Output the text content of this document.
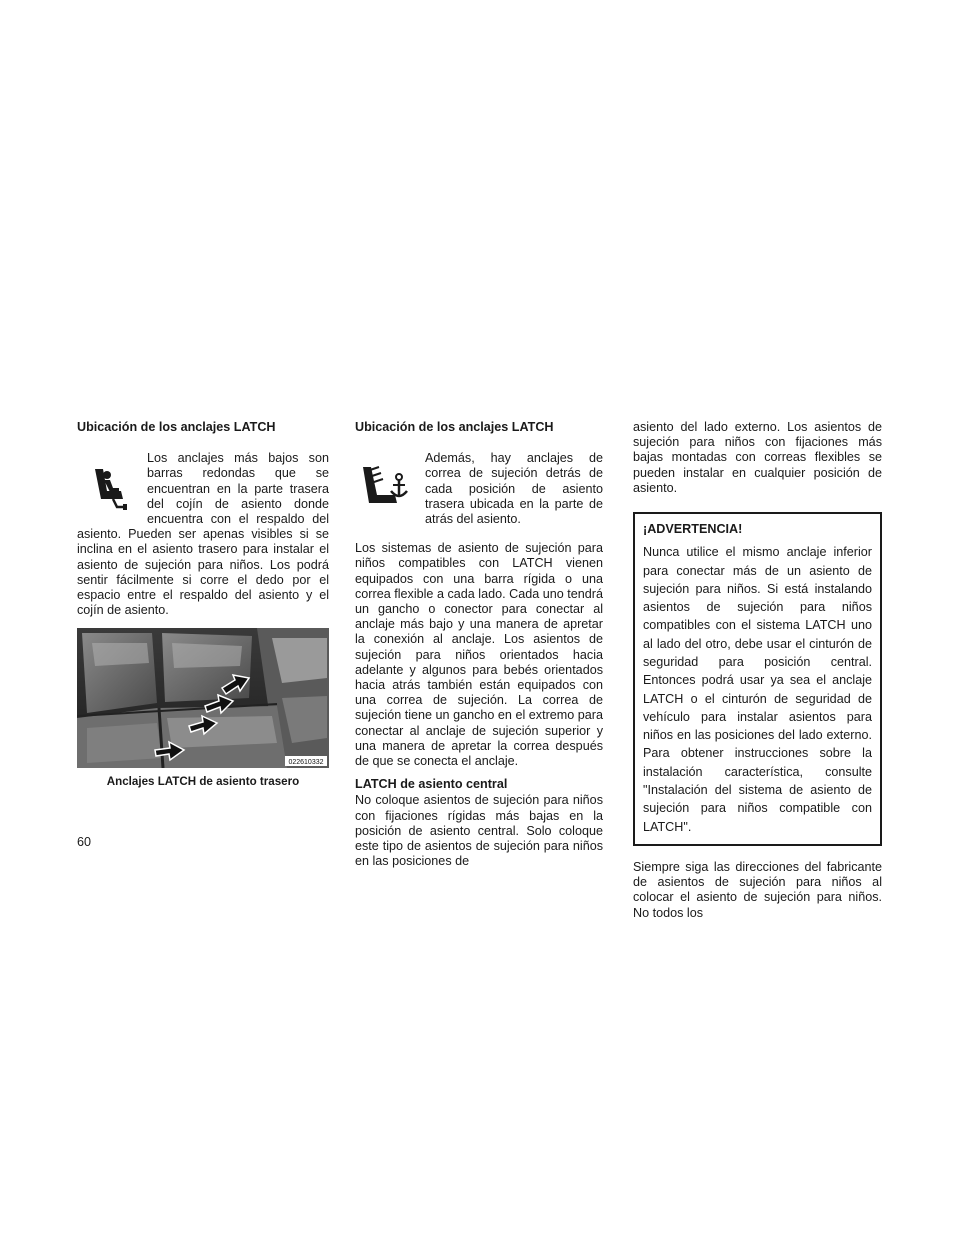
Ubicación de los anclajes LATCH

Los anclajes más bajos son barras redondas que se encuentran en la parte trasera del cojín de asiento donde encuentra con el respaldo del asiento. Pueden ser apenas visibles si se inclina en el asiento trasero para instalar el asiento de sujeción para niños. Los podrá sentir fácilmente si corre el dedo por el espacio entre el respaldo del asiento y el cojín de asiento.

022610332
Anclajes LATCH de asiento trasero
Ubicación de los anclajes LATCH

Además, hay anclajes de correa de sujeción detrás de cada posición de asiento trasera ubicada en la parte de atrás del asiento.

Los sistemas de asiento de sujeción para niños compatibles con LATCH vienen equipados con una barra rígida o una correa flexible a cada lado. Cada uno tendrá un gancho o conector para conectar al anclaje más bajo y una manera de apretar la conexión al anclaje. Los asientos de sujeción para niños orientados hacia adelante y algunos para bebés orientados hacia atrás también están equipados con una correa de sujeción. La correa de sujeción tiene un gancho en el extremo para conectar al anclaje de sujeción superior y una manera de apretar la correa después de que se conecta el anclaje.

LATCH de asiento central

No coloque asientos de sujeción para niños con fijaciones rígidas más bajas en la posición de asiento central. Solo coloque este tipo de asientos de sujeción para niños en las posiciones de

asiento del lado externo. Los asientos de sujeción para niños con fijaciones más bajas montadas con correas flexibles se pueden instalar en cualquier posición de asiento.

¡ADVERTENCIA!

Nunca utilice el mismo anclaje inferior para conectar más de un asiento de sujeción para niños. Si está instalando asientos de sujeción para niños compatibles con el sistema LATCH uno al lado del otro, debe usar el cinturón de seguridad para posición central. Entonces podrá usar ya sea el anclaje LATCH o el cinturón de seguridad de vehículo para instalar asientos para niños en las posiciones del lado externo. Para obtener instrucciones sobre la instalación característica, consulte "Instalación del sistema de asiento de sujeción para niños compatible con LATCH".

Siempre siga las direcciones del fabricante de asientos de sujeción para niños al colocar el asiento de sujeción para niños. No todos los

60
